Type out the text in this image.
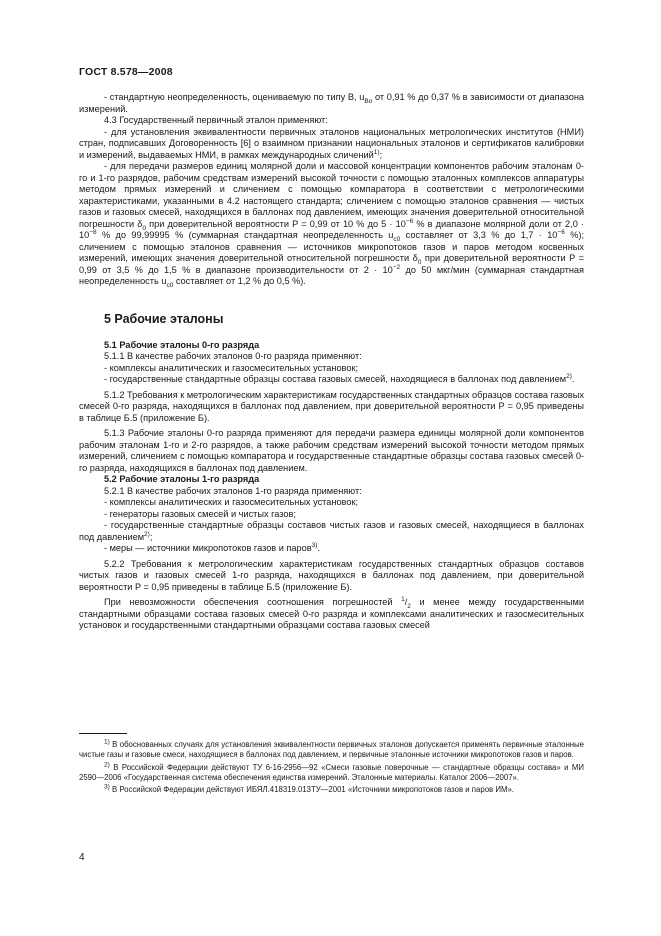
ГОСТ 8.578—2008

- стандартную неопределенность, оцениваемую по типу B, $u_{Bo}$ от 0,91 % до 0,37 % в зависимости от диапазона измерений.

4.3 Государственный первичный эталон применяют:

- для установления эквивалентности первичных эталонов национальных метрологических институтов (НМИ) стран, подписавших Договоренность [6] о взаимном признании национальных эталонов и сертификатов калибровки и измерений, выдаваемых НМИ, в рамках международных сличений$^{1)}$;

- для передачи размеров единиц молярной доли и массовой концентрации компонентов рабочим эталонам 0-го и 1-го разрядов, рабочим средствам измерений высокой точности с помощью эталонных комплексов аппаратуры методом прямых измерений и сличением с помощью компаратора в соответствии с метрологическими характеристиками, указанными в 4.2 настоящего стандарта; сличением с помощью эталонов сравнения — чистых газов и газовых смесей, находящихся в баллонах под давлением, имеющих значения доверительной относительной погрешности $\delta_0$ при доверительной вероятности P = 0,99 от 10 % до $5 \cdot 10^{-6}$ % в диапазоне молярной доли от $2,0 \cdot 10^{-8}$ % до 99,99995 % (суммарная стандартная неопределенность $u_{c0}$ составляет от 3,3 % до $1,7 \cdot 10^{-6}$ %); сличением с помощью эталонов сравнения — источников микропотоков газов и паров методом косвенных измерений, имеющих значения доверительной относительной погрешности $\delta_0$ при доверительной вероятности P = 0,99 от 3,5 % до 1,5 % в диапазоне производительности от $2 \cdot 10^{-2}$ до 50 мкг/мин (суммарная стандартная неопределенность $u_{c0}$ составляет от 1,2 % до 0,5 %).

5 Рабочие эталоны

5.1 Рабочие эталоны 0-го разряда

5.1.1 В качестве рабочих эталонов 0-го разряда применяют:

- комплексы аналитических и газосмесительных установок;

- государственные стандартные образцы состава газовых смесей, находящиеся в баллонах под давлением$^{2)}$.

5.1.2 Требования к метрологическим характеристикам государственных стандартных образцов состава газовых смесей 0-го разряда, находящихся в баллонах под давлением, при доверительной вероятности P = 0,95 приведены в таблице Б.5 (приложение Б).

5.1.3 Рабочие эталоны 0-го разряда применяют для передачи размера единицы молярной доли компонентов рабочим эталонам 1-го и 2-го разрядов, а также рабочим средствам измерений высокой точности методом прямых измерений, сличением с помощью компаратора и государственные стандартные образцы состава газовых смесей 0-го разряда, находящихся в баллонах под давлением.

5.2 Рабочие эталоны 1-го разряда

5.2.1 В качестве рабочих эталонов 1-го разряда применяют:

- комплексы аналитических и газосмесительных установок;

- генераторы газовых смесей и чистых газов;

- государственные стандартные образцы составов чистых газов и газовых смесей, находящиеся в баллонах под давлением$^{2)}$;

- меры — источники микропотоков газов и паров$^{3)}$.

5.2.2 Требования к метрологическим характеристикам государственных стандартных образцов составов чистых газов и газовых смесей 1-го разряда, находящихся в баллонах под давлением, при доверительной вероятности P = 0,95 приведены в таблице Б.5 (приложение Б).

При невозможности обеспечения соотношения погрешностей $^1/_2$ и менее между государственными стандартными образцами состава газовых смесей 0-го разряда и комплексами аналитических и газосмесительных установок и государственными стандартными образцами состава газовых смесей

$^{1)}$ В обоснованных случаях для установления эквивалентности первичных эталонов допускается применять первичные эталонные чистые газы и газовые смеси, находящиеся в баллонах под давлением, и первичные эталонные источники микропотоков газов и паров.

$^{2)}$ В Российской Федерации действуют ТУ 6-16-2956—92 «Смеси газовые поверочные — стандартные образцы состава» и МИ 2590—2006 «Государственная система обеспечения единства измерений. Эталонные материалы. Каталог 2006—2007».

$^{3)}$ В Российской Федерации действуют ИБЯЛ.418319.013ТУ—2001 «Источники микропотоков газов и паров ИМ».

4
